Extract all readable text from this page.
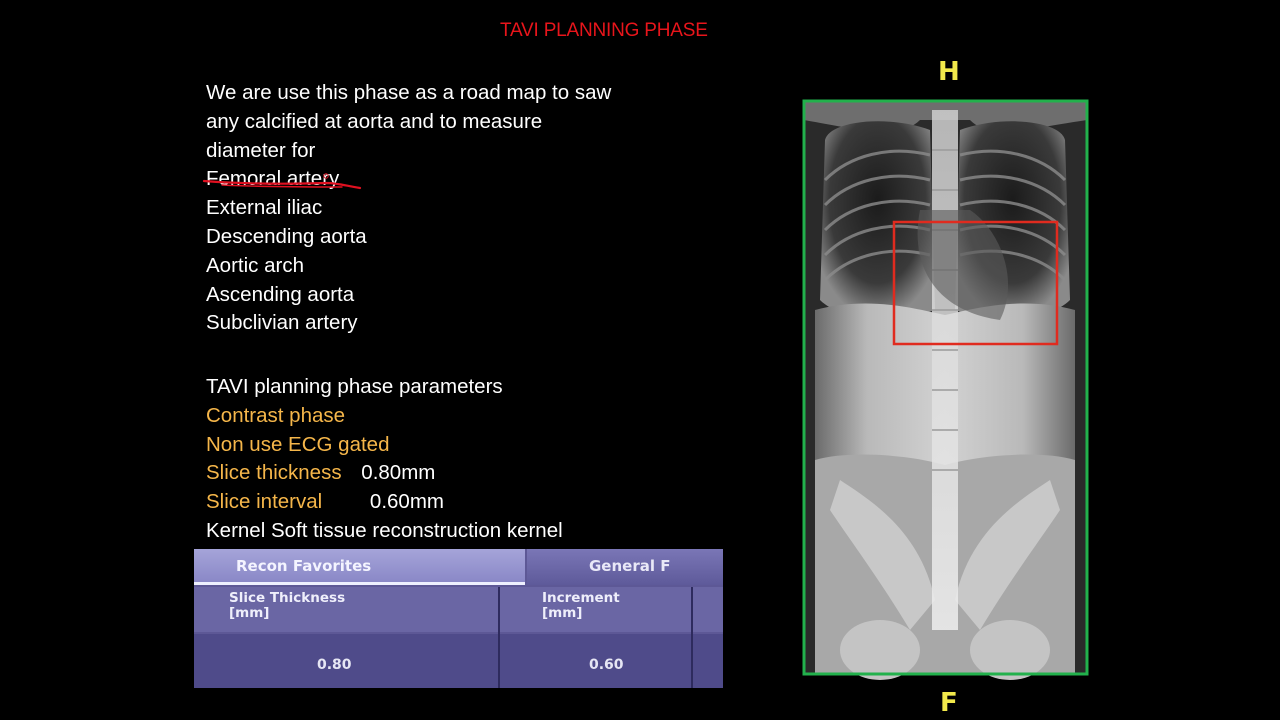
TAVI PLANNING PHASE
We are use this phase as a road map to saw
any calcified at aorta and to measure
diameter for
Femoral artery
External iliac
Descending aorta
Aortic arch
Ascending aorta
Subclivian artery
TAVI planning phase parameters
Contrast phase
Non use ECG gated
Slice thickness 0.80mm
Slice interval 0.60mm
Kernel Soft tissue reconstruction kernel
Recon Favorites	General F
Slice Thickness
[mm]
Increment
[mm]
0.80	0.60
H
F
